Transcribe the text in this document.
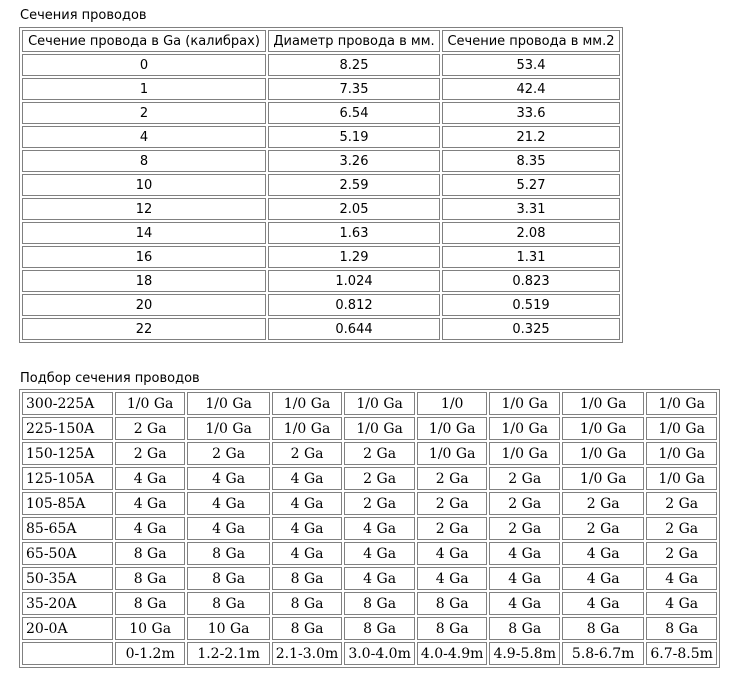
Сечения проводов
Сечение провода в Ga (калибрах)	Диаметр провода в мм.	Сечение провода в мм.2
0	8.25	53.4
1	7.35	42.4
2	6.54	33.6
4	5.19	21.2
8	3.26	8.35
10	2.59	5.27
12	2.05	3.31
14	1.63	2.08
16	1.29	1.31
18	1.024	0.823
20	0.812	0.519
22	0.644	0.325
Подбор сечения проводов
300-225A	1/0 Ga	1/0 Ga	1/0 Ga	1/0 Ga	1/0	1/0 Ga	1/0 Ga	1/0 Ga
225-150A	2 Ga	1/0 Ga	1/0 Ga	1/0 Ga	1/0 Ga	1/0 Ga	1/0 Ga	1/0 Ga
150-125A	2 Ga	2 Ga	2 Ga	2 Ga	1/0 Ga	1/0 Ga	1/0 Ga	1/0 Ga
125-105A	4 Ga	4 Ga	4 Ga	2 Ga	2 Ga	2 Ga	1/0 Ga	1/0 Ga
105-85A	4 Ga	4 Ga	4 Ga	2 Ga	2 Ga	2 Ga	2 Ga	2 Ga
85-65A	4 Ga	4 Ga	4 Ga	4 Ga	2 Ga	2 Ga	2 Ga	2 Ga
65-50A	8 Ga	8 Ga	4 Ga	4 Ga	4 Ga	4 Ga	4 Ga	2 Ga
50-35A	8 Ga	8 Ga	8 Ga	4 Ga	4 Ga	4 Ga	4 Ga	4 Ga
35-20A	8 Ga	8 Ga	8 Ga	8 Ga	8 Ga	4 Ga	4 Ga	4 Ga
20-0A	10 Ga	10 Ga	8 Ga	8 Ga	8 Ga	8 Ga	8 Ga	8 Ga
	0-1.2m	1.2-2.1m	2.1-3.0m	3.0-4.0m	4.0-4.9m	4.9-5.8m	5.8-6.7m	6.7-8.5m
